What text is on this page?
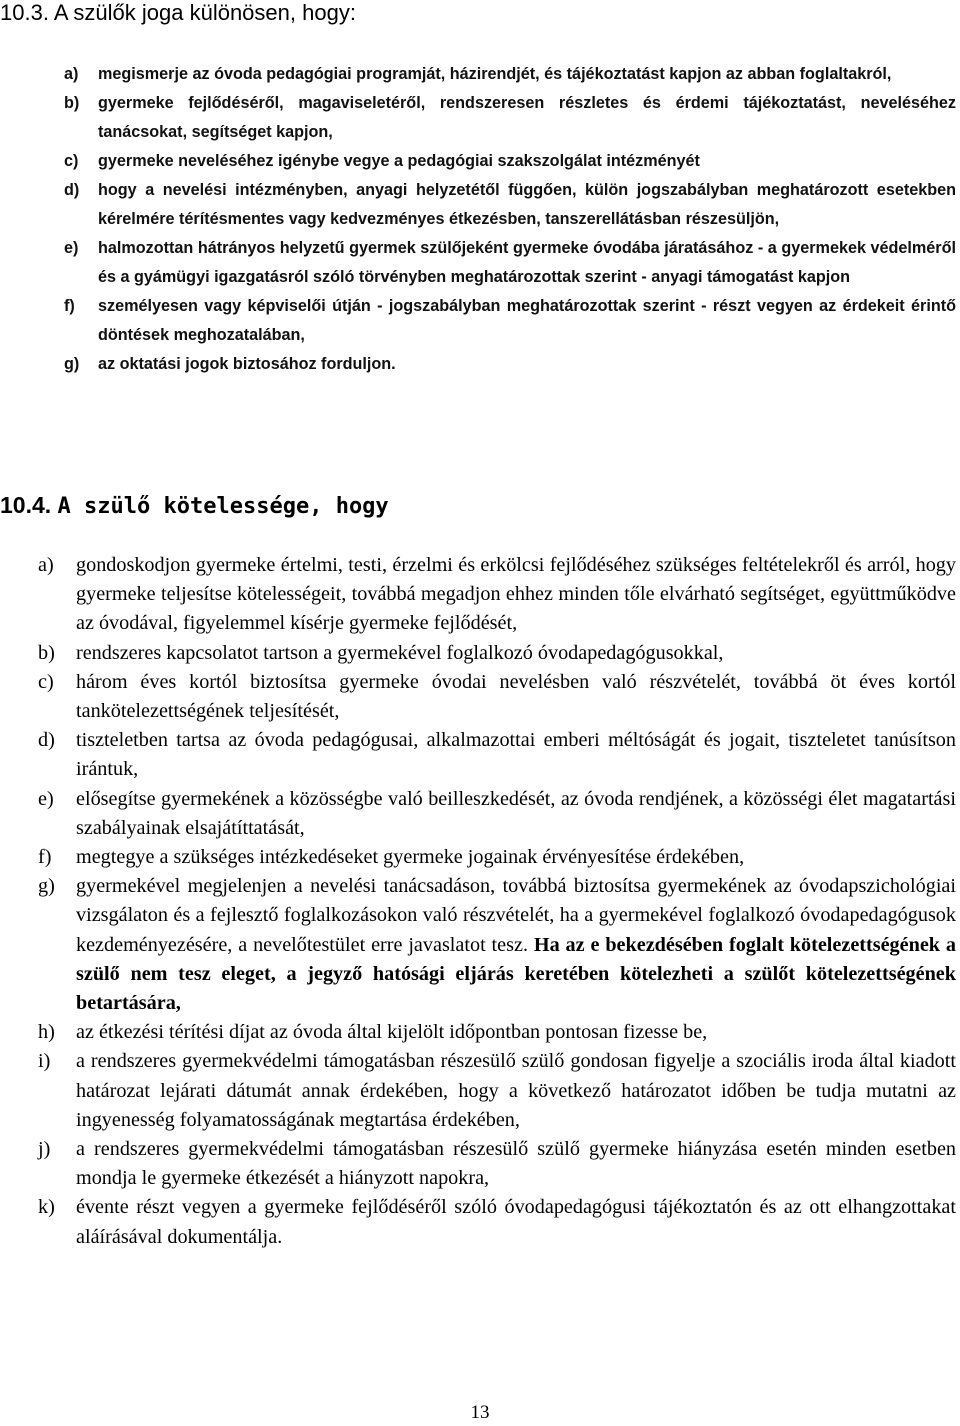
10.3. A szülők joga különösen, hogy:
a)	megismerje az óvoda pedagógiai programját, házirendjét, és tájékoztatást kapjon az abban foglaltakról,
b)	gyermeke fejlődéséről, magaviseletéről, rendszeresen részletes és érdemi tájékoztatást, neveléséhez tanácsokat, segítséget kapjon,
c)	gyermeke neveléséhez igénybe vegye a pedagógiai szakszolgálat intézményét
d)	hogy a nevelési intézményben, anyagi helyzetétől függően, külön jogszabályban meghatározott esetekben kérelmére térítésmentes vagy kedvezményes étkezésben, tanszerellátásban részesüljön,
e)	halmozottan hátrányos helyzetű gyermek szülőjeként gyermeke óvodába járatásához - a gyermekek védelméről és a gyámügyi igazgatásról szóló törvényben meghatározottak szerint - anyagi támogatást kapjon
f)	személyesen vagy képviselői útján - jogszabályban meghatározottak szerint - részt vegyen az érdekeit érintő döntések meghozatalában,
g)	az oktatási jogok biztosához forduljon.
10.4. A szülő kötelessége, hogy
a)	gondoskodjon gyermeke értelmi, testi, érzelmi és erkölcsi fejlődéséhez szükséges feltételekről és arról, hogy gyermeke teljesítse kötelességeit, továbbá megadjon ehhez minden tőle elvárható segítséget, együttműködve az óvodával, figyelemmel kísérje gyermeke fejlődését,
b)	rendszeres kapcsolatot tartson a gyermekével foglalkozó óvodapedagógusokkal,
c)	három éves kortól biztosítsa gyermeke óvodai nevelésben való részvételét, továbbá öt éves kortól tankötelezettségének teljesítését,
d)	tiszteletben tartsa az óvoda pedagógusai, alkalmazottai emberi méltóságát és jogait, tiszteletet tanúsítson irántuk,
e)	elősegítse gyermekének a közösségbe való beilleszkedését, az óvoda rendjének, a közösségi élet magatartási szabályainak elsajátíttatását,
f)	megtegye a szükséges intézkedéseket gyermeke jogainak érvényesítése érdekében,
g)	gyermekével megjelenjen a nevelési tanácsadáson, továbbá biztosítsa gyermekének az óvodapszichológiai vizsgálaton és a fejlesztő foglalkozásokon való részvételét, ha a gyermekével foglalkozó óvodapedagógusok kezdeményezésére, a nevelőtestület erre javaslatot tesz. Ha az e bekezdésében foglalt kötelezettségének a szülő nem tesz eleget, a jegyző hatósági eljárás keretében kötelezheti a szülőt kötelezettségének betartására,
h)	az étkezési térítési díjat az óvoda által kijelölt időpontban pontosan fizesse be,
i)	a rendszeres gyermekvédelmi támogatásban részesülő szülő gondosan figyelje a szociális iroda által kiadott határozat lejárati dátumát annak érdekében, hogy a következő határozatot időben be tudja mutatni az ingyenesség folyamatosságának megtartása érdekében,
j)	a rendszeres gyermekvédelmi támogatásban részesülő szülő gyermeke hiányzása esetén minden esetben mondja le gyermeke étkezését a hiányzott napokra,
k)	évente részt vegyen a gyermeke fejlődéséről szóló óvodapedagógusi tájékoztatón és az ott elhangzottakat aláírásával dokumentálja.
13
